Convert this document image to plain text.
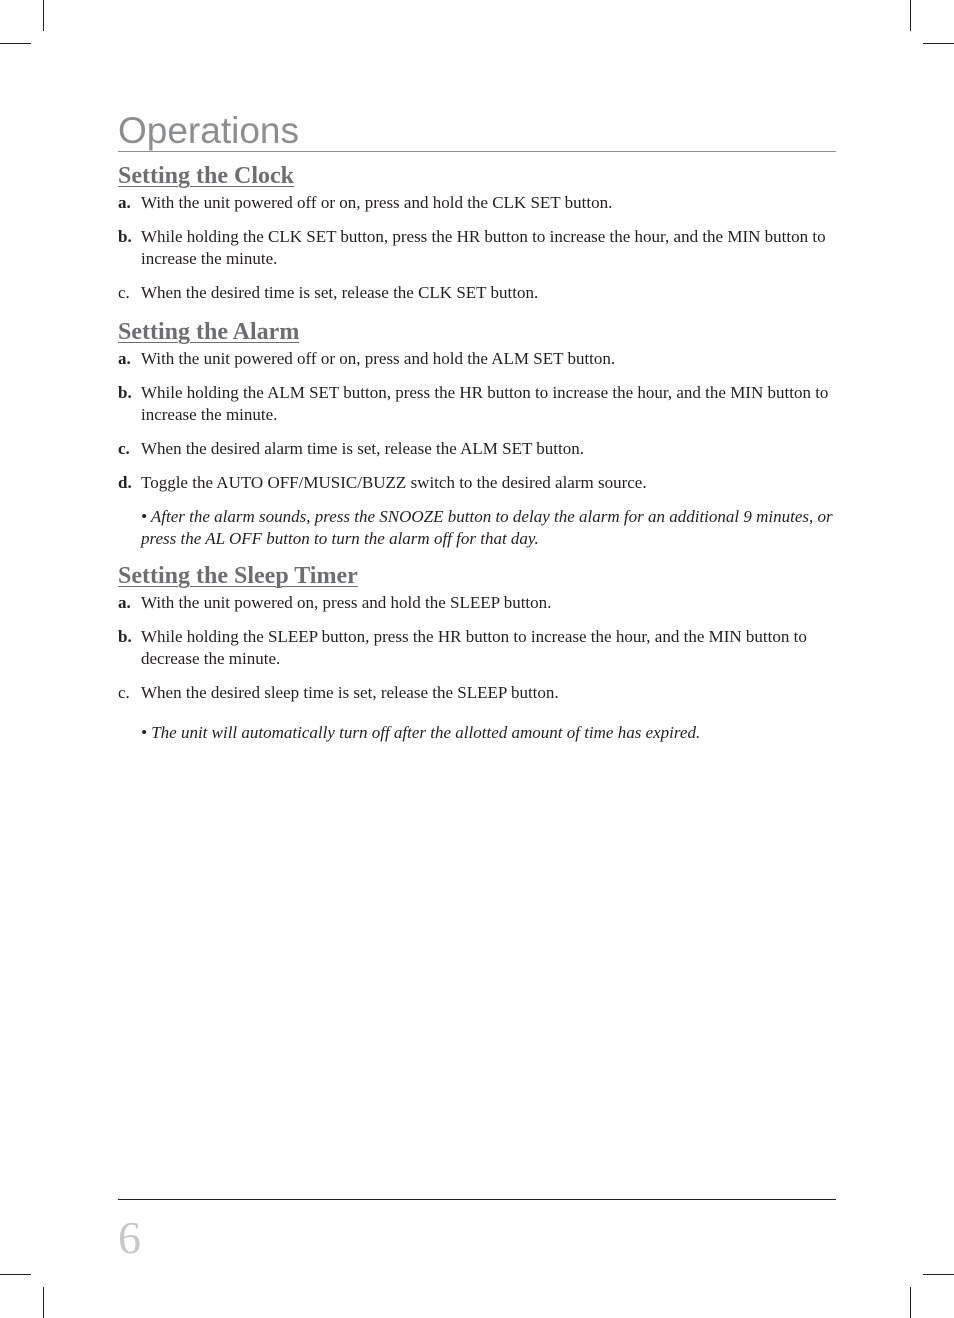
Operations
Setting the Clock
a. With the unit powered off or on, press and hold the CLK SET button.
b. While holding the CLK SET button, press the HR button to increase the hour, and the MIN button to increase the minute.
c. When the desired time is set, release the CLK SET button.
Setting the Alarm
a. With the unit powered off or on, press and hold the ALM SET button.
b. While holding the ALM SET button, press the HR button to increase the hour, and the MIN button to increase the minute.
c. When the desired alarm time is set, release the ALM SET button.
d. Toggle the AUTO OFF/MUSIC/BUZZ switch to the desired alarm source.
• After the alarm sounds, press the SNOOZE button to delay the alarm for an additional 9 minutes, or press the AL OFF button to turn the alarm off for that day.
Setting the Sleep Timer
a. With the unit powered on, press and hold the SLEEP button.
b. While holding the SLEEP button, press the HR button to increase the hour, and the MIN button to decrease the minute.
c. When the desired sleep time is set, release the SLEEP button.
• The unit will automatically turn off after the allotted amount of time has expired.
6
